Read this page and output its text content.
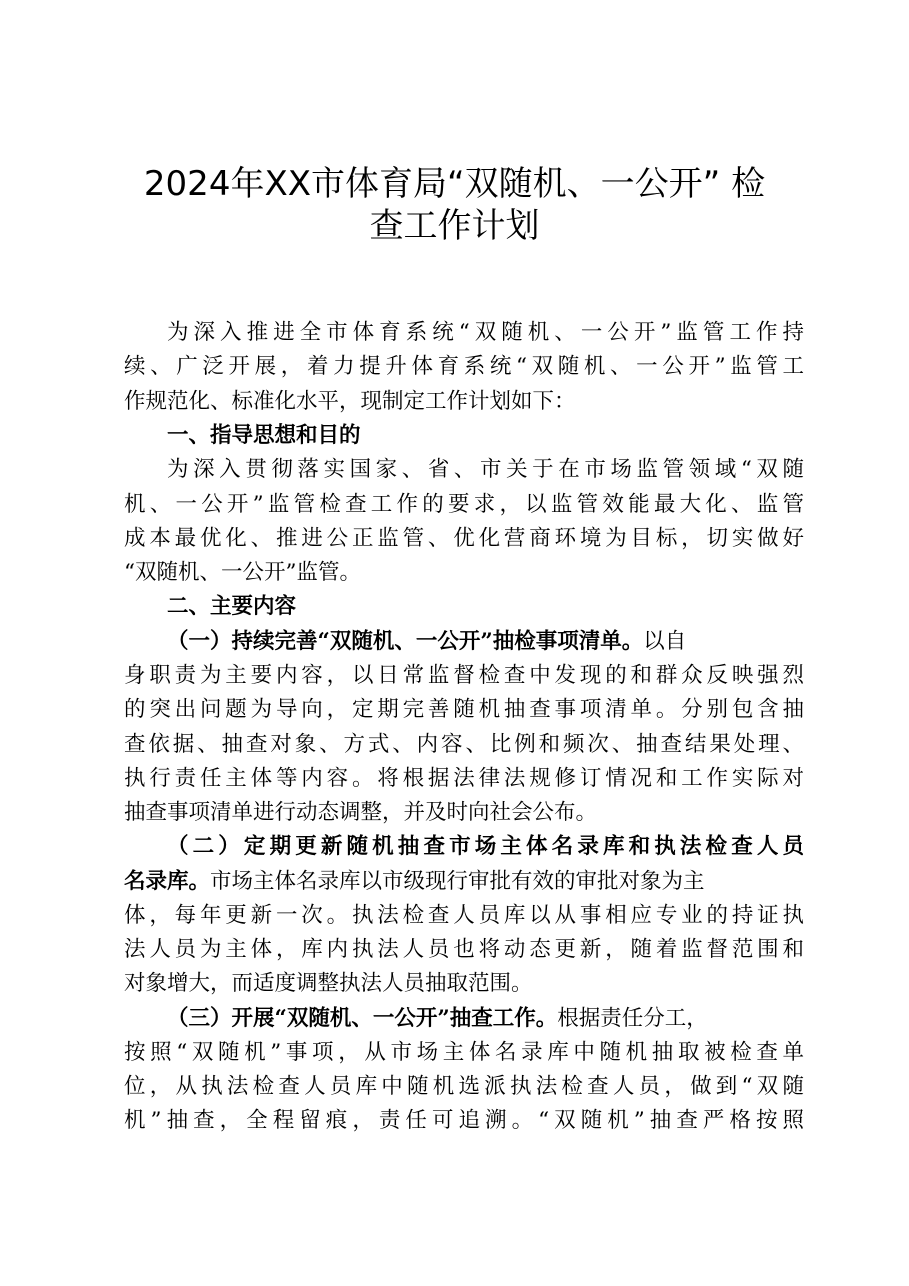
2024年XX市体育局“双随机、一公开” 检
查工作计划
为深入推进全市体育系统“双随机、一公开”监管工作持
续、广泛开展，着力提升体育系统“双随机、一公开”监管工
作规范化、标准化水平，现制定工作计划如下：
一、指导思想和目的
为深入贯彻落实国家、省、市关于在市场监管领域“双随
机、一公开”监管检查工作的要求，以监管效能最大化、监管
成本最优化、推进公正监管、优化营商环境为目标，切实做好
“双随机、一公开”监管。
二、主要内容
（一）持续完善“双随机、一公开”抽检事项清单。以自
身职责为主要内容，以日常监督检查中发现的和群众反映强烈
的突出问题为导向，定期完善随机抽查事项清单。分别包含抽
查依据、抽查对象、方式、内容、比例和频次、抽查结果处理、
执行责任主体等内容。将根据法律法规修订情况和工作实际对
抽查事项清单进行动态调整，并及时向社会公布。
（二）定期更新随机抽查市场主体名录库和执法检查人员
名录库。市场主体名录库以市级现行审批有效的审批对象为主
体，每年更新一次。执法检查人员库以从事相应专业的持证执
法人员为主体，库内执法人员也将动态更新，随着监督范围和
对象增大，而适度调整执法人员抽取范围。
（三）开展“双随机、一公开”抽查工作。根据责任分工，
按照“双随机”事项，从市场主体名录库中随机抽取被检查单
位，从执法检查人员库中随机选派执法检查人员，做到“双随
机”抽查，全程留痕，责任可追溯。“双随机”抽查严格按照
